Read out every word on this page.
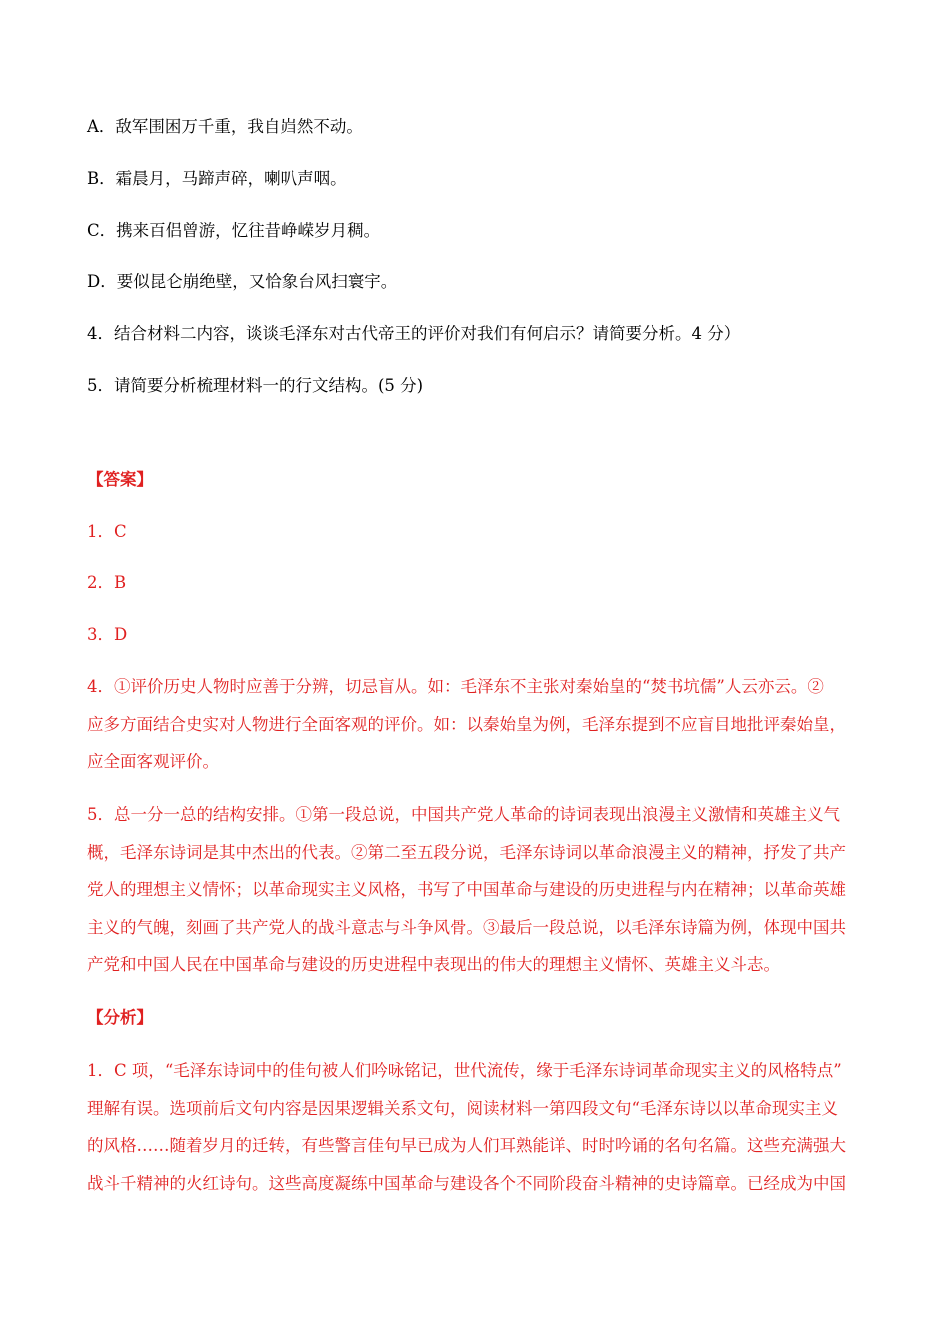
A．敌军围困万千重，我自岿然不动。
B．霜晨月，马蹄声碎，喇叭声咽。
C．携来百侣曾游，忆往昔峥嵘岁月稠。
D．要似昆仑崩绝壁，又恰象台风扫寰宇。
4．结合材料二内容，谈谈毛泽东对古代帝王的评价对我们有何启示？请简要分析。4 分）
5．请简要分析梳理材料一的行文结构。(5 分)
【答案】
1．C
2．B
3．D
4．①评价历史人物时应善于分辨，切忌盲从。如：毛泽东不主张对秦始皇的“焚书坑儒”人云亦云。②
应多方面结合史实对人物进行全面客观的评价。如：以秦始皇为例，毛泽东提到不应盲目地批评秦始皇，
应全面客观评价。
5．总一分一总的结构安排。①第一段总说，中国共产党人革命的诗词表现出浪漫主义激情和英雄主义气
概，毛泽东诗词是其中杰出的代表。②第二至五段分说，毛泽东诗词以革命浪漫主义的精神，抒发了共产
党人的理想主义情怀；以革命现实主义风格，书写了中国革命与建设的历史进程与内在精神；以革命英雄
主义的气魄，刻画了共产党人的战斗意志与斗争风骨。③最后一段总说，以毛泽东诗篇为例，体现中国共
产党和中国人民在中国革命与建设的历史进程中表现出的伟大的理想主义情怀、英雄主义斗志。
【分析】
1．C 项，“毛泽东诗词中的佳句被人们吟咏铭记，世代流传，缘于毛泽东诗词革命现实主义的风格特点”
理解有误。选项前后文句内容是因果逻辑关系文句，阅读材料一第四段文句“毛泽东诗以以革命现实主义
的风格……随着岁月的迁转，有些警言佳句早已成为人们耳熟能详、时时吟诵的名句名篇。这些充满强大
战斗千精神的火红诗句。这些高度凝练中国革命与建设各个不同阶段奋斗精神的史诗篇章。已经成为中国
